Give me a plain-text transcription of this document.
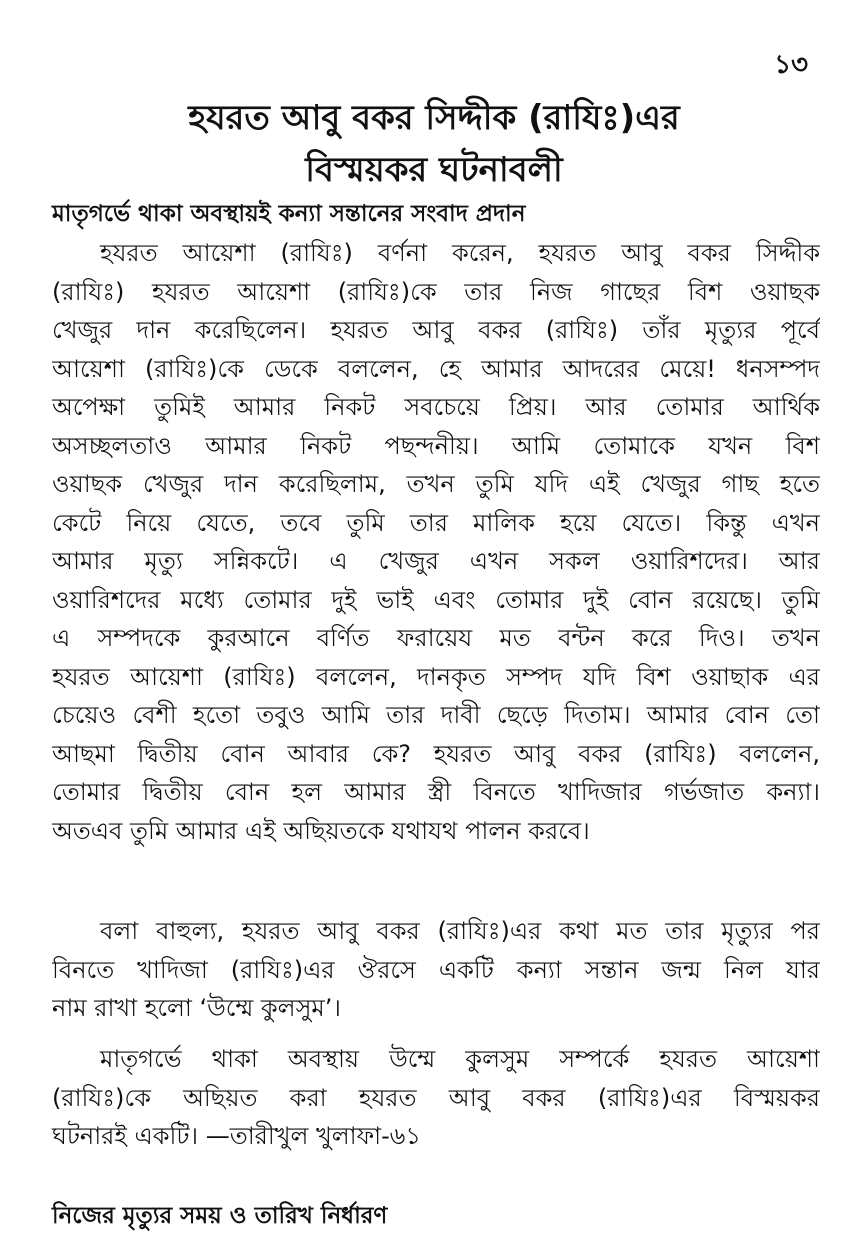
১৩
হযরত আবু বকর সিদ্দীক (রাযিঃ)এর
বিস্ময়কর ঘটনাবলী
মাতৃগর্ভে থাকা অবস্থায়ই কন্যা সন্তানের সংবাদ প্রদান
হযরত আয়েশা (রাযিঃ) বর্ণনা করেন, হযরত আবু বকর সিদ্দীক
(রাযিঃ) হযরত আয়েশা (রাযিঃ)কে তার নিজ গাছের বিশ ওয়াছক
খেজুর দান করেছিলেন। হযরত আবু বকর (রাযিঃ) তাঁর মৃত্যুর পূর্বে
আয়েশা (রাযিঃ)কে ডেকে বললেন, হে আমার আদরের মেয়ে! ধনসম্পদ
অপেক্ষা তুমিই আমার নিকট সবচেয়ে প্রিয়। আর তোমার আর্থিক
অসচ্ছলতাও আমার নিকট পছন্দনীয়। আমি তোমাকে যখন বিশ
ওয়াছক খেজুর দান করেছিলাম, তখন তুমি যদি এই খেজুর গাছ হতে
কেটে নিয়ে যেতে, তবে তুমি তার মালিক হয়ে যেতে। কিন্তু এখন
আমার মৃত্যু সন্নিকটে। এ খেজুর এখন সকল ওয়ারিশদের। আর
ওয়ারিশদের মধ্যে তোমার দুই ভাই এবং তোমার দুই বোন রয়েছে। তুমি
এ সম্পদকে কুরআনে বর্ণিত ফরায়েয মত বন্টন করে দিও। তখন
হযরত আয়েশা (রাযিঃ) বললেন, দানকৃত সম্পদ যদি বিশ ওয়াছাক এর
চেয়েও বেশী হতো তবুও আমি তার দাবী ছেড়ে দিতাম। আমার বোন তো
আছমা দ্বিতীয় বোন আবার কে? হযরত আবু বকর (রাযিঃ) বললেন,
তোমার দ্বিতীয় বোন হল আমার স্ত্রী বিনতে খাদিজার গর্ভজাত কন্যা।
অতএব তুমি আমার এই অছিয়তকে যথাযথ পালন করবে।
বলা বাহুল্য, হযরত আবু বকর (রাযিঃ)এর কথা মত তার মৃত্যুর পর
বিনতে খাদিজা (রাযিঃ)এর ঔরসে একটি কন্যা সন্তান জন্ম নিল যার
নাম রাখা হলো ‘উম্মে কুলসুম’।
মাতৃগর্ভে থাকা অবস্থায় উম্মে কুলসুম সম্পর্কে হযরত আয়েশা
(রাযিঃ)কে অছিয়ত করা হযরত আবু বকর (রাযিঃ)এর বিস্ময়কর
ঘটনারই একটি। —তারীখুল খুলাফা-৬১
নিজের মৃত্যুর সময় ও তারিখ নির্ধারণ
